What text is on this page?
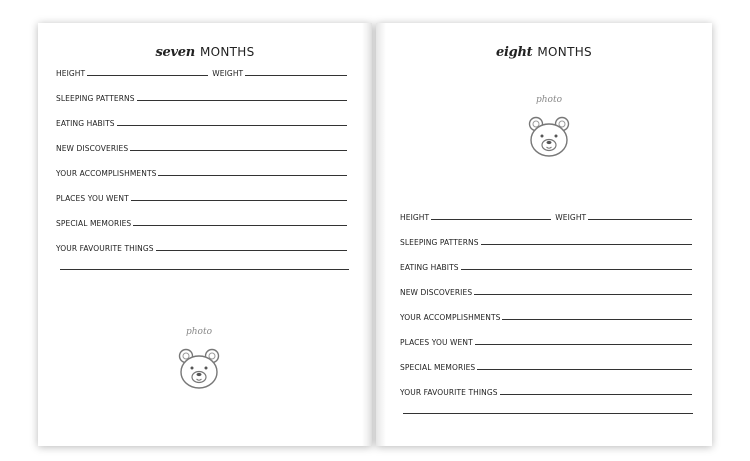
seven MONTHS
HEIGHT	WEIGHT
SLEEPING PATTERNS
EATING HABITS
NEW DISCOVERIES
YOUR ACCOMPLISHMENTS
PLACES YOU WENT
SPECIAL MEMORIES
YOUR FAVOURITE THINGS
photo
eight MONTHS
photo
HEIGHT	WEIGHT
SLEEPING PATTERNS
EATING HABITS
NEW DISCOVERIES
YOUR ACCOMPLISHMENTS
PLACES YOU WENT
SPECIAL MEMORIES
YOUR FAVOURITE THINGS
